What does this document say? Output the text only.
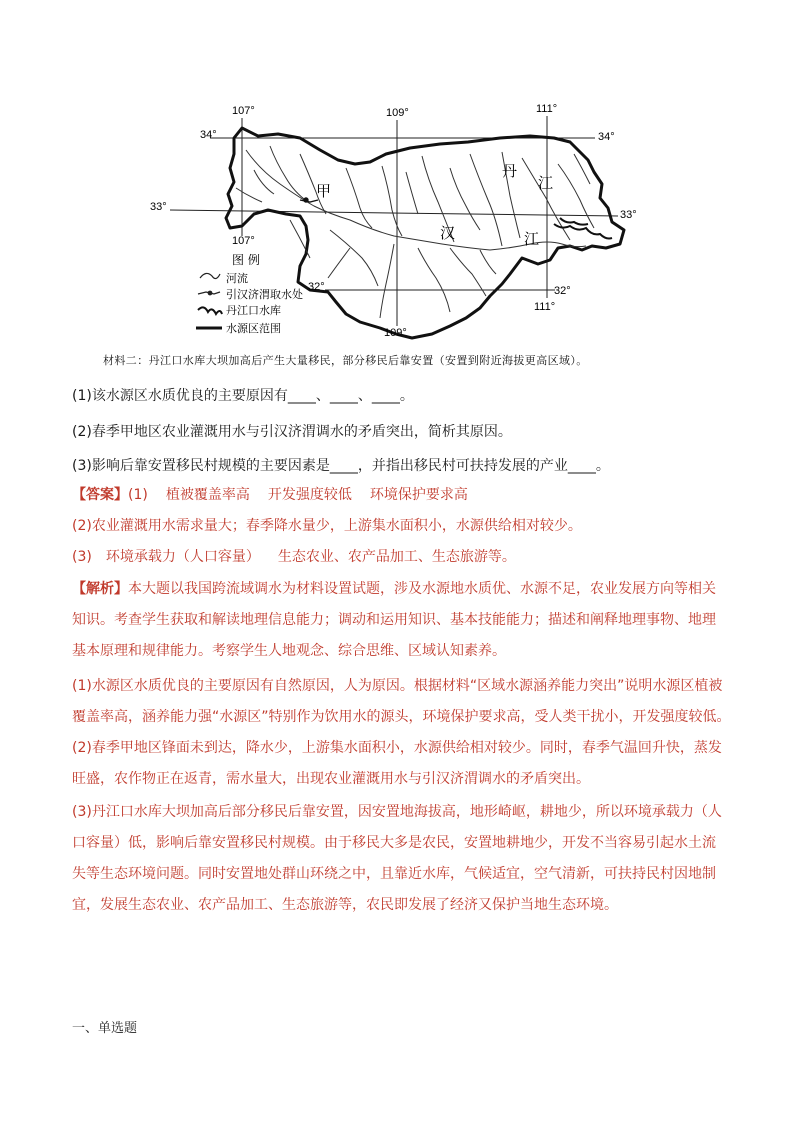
107°	109°	111°
107°
109°
111°
34°
33°
32°
34°
33°
32°
甲
丹
江
汉	江
图 例
河流
引汉济渭取水处
丹江口水库
水源区范围
材料二：丹江口水库大坝加高后产生大量移民，部分移民后靠安置（安置到附近海拔更高区域）。
(1)该水源区水质优良的主要原因有____、____、____。
(2)春季甲地区农业灌溉用水与引汉济渭调水的矛盾突出，简析其原因。
(3)影响后靠安置移民村规模的主要因素是____，并指出移民村可扶持发展的产业____。
【答案】(1) 植被覆盖率高 开发强度较低 环境保护要求高
(2)农业灌溉用水需求量大；春季降水量少，上游集水面积小，水源供给相对较少。
(3) 环境承载力（人口容量） 生态农业、农产品加工、生态旅游等。
【解析】本大题以我国跨流域调水为材料设置试题，涉及水源地水质优、水源不足，农业发展方向等相关
知识。考查学生获取和解读地理信息能力；调动和运用知识、基本技能能力；描述和阐释地理事物、地理
基本原理和规律能力。考察学生人地观念、综合思维、区域认知素养。
(1)水源区水质优良的主要原因有自然原因，人为原因。根据材料“区域水源涵养能力突出”说明水源区植被
覆盖率高，涵养能力强“水源区”特别作为饮用水的源头，环境保护要求高，受人类干扰小，开发强度较低。
(2)春季甲地区锋面未到达，降水少，上游集水面积小，水源供给相对较少。同时，春季气温回升快，蒸发
旺盛，农作物正在返青，需水量大，出现农业灌溉用水与引汉济渭调水的矛盾突出。
(3)丹江口水库大坝加高后部分移民后靠安置，因安置地海拔高，地形崎岖，耕地少，所以环境承载力（人
口容量）低，影响后靠安置移民村规模。由于移民大多是农民，安置地耕地少，开发不当容易引起水土流
失等生态环境问题。同时安置地处群山环绕之中，且靠近水库，气候适宜，空气清新，可扶持民村因地制
宜，发展生态农业、农产品加工、生态旅游等，农民即发展了经济又保护当地生态环境。
一、单选题
